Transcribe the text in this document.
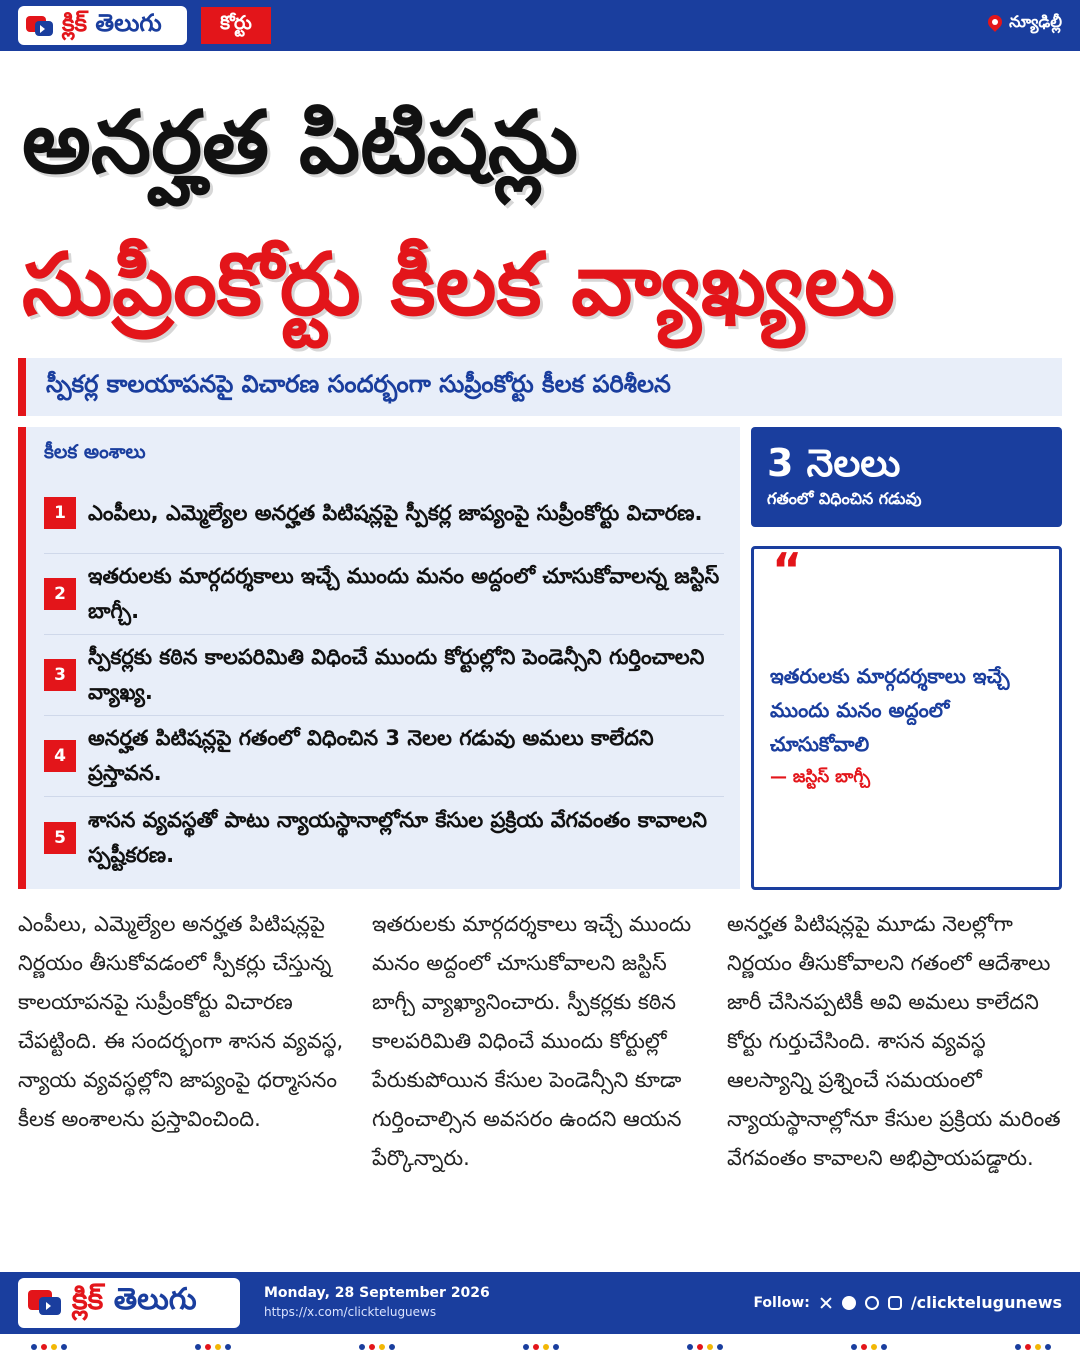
క్లిక్ తెలుగు	కోర్టు	న్యూఢిల్లీ
అనర్హత పిటిషన్లు
సుప్రీంకోర్టు కీలక వ్యాఖ్యలు
స్పీకర్ల కాలయాపనపై విచారణ సందర్భంగా సుప్రీంకోర్టు కీలక పరిశీలన
కీలక అంశాలు
1	ఎంపీలు, ఎమ్మెల్యేల అనర్హత పిటిషన్లపై స్పీకర్ల జాప్యంపై సుప్రీంకోర్టు విచారణ.
2
ఇతరులకు మార్గదర్శకాలు ఇచ్చే ముందు మనం అద్దంలో చూసుకోవాలన్న జస్టిస్ బాగ్చీ.
3
స్పీకర్లకు కఠిన కాలపరిమితి విధించే ముందు కోర్టుల్లోని పెండెన్సీని గుర్తించాలని వ్యాఖ్య.
4
అనర్హత పిటిషన్లపై గతంలో విధించిన 3 నెలల గడువు అమలు కాలేదని ప్రస్తావన.
5
శాసన వ్యవస్థతో పాటు న్యాయస్థానాల్లోనూ కేసుల ప్రక్రియ వేగవంతం కావాలని స్పష్టీకరణ.
3 నెలలు
గతంలో విధించిన గడువు
“
ఇతరులకు మార్గదర్శకాలు ఇచ్చే ముందు మనం అద్దంలో చూసుకోవాలి
— జస్టిస్ బాగ్చీ
ఎంపీలు, ఎమ్మెల్యేల అనర్హత పిటిషన్లపై నిర్ణయం తీసుకోవడంలో స్పీకర్లు చేస్తున్న కాలయాపనపై సుప్రీంకోర్టు విచారణ చేపట్టింది. ఈ సందర్భంగా శాసన వ్యవస్థ, న్యాయ వ్యవస్థల్లోని జాప్యంపై ధర్మాసనం కీలక అంశాలను ప్రస్తావించింది.
ఇతరులకు మార్గదర్శకాలు ఇచ్చే ముందు మనం అద్దంలో చూసుకోవాలని జస్టిస్ బాగ్చీ వ్యాఖ్యానించారు. స్పీకర్లకు కఠిన కాలపరిమితి విధించే ముందు కోర్టుల్లో పేరుకుపోయిన కేసుల పెండెన్సీని కూడా గుర్తించాల్సిన అవసరం ఉందని ఆయన పేర్కొన్నారు.
అనర్హత పిటిషన్లపై మూడు నెలల్లోగా నిర్ణయం తీసుకోవాలని గతంలో ఆదేశాలు జారీ చేసినప్పటికీ అవి అమలు కాలేదని కోర్టు గుర్తుచేసింది. శాసన వ్యవస్థ ఆలస్యాన్ని ప్రశ్నించే సమయంలో న్యాయస్థానాల్లోనూ కేసుల ప్రక్రియ మరింత వేగవంతం కావాలని అభిప్రాయపడ్డారు.
క్లిక్ తెలుగు	Monday, 28 September 2026
https://x.com/clickteluguews
Follow:	/clicktelugunews
